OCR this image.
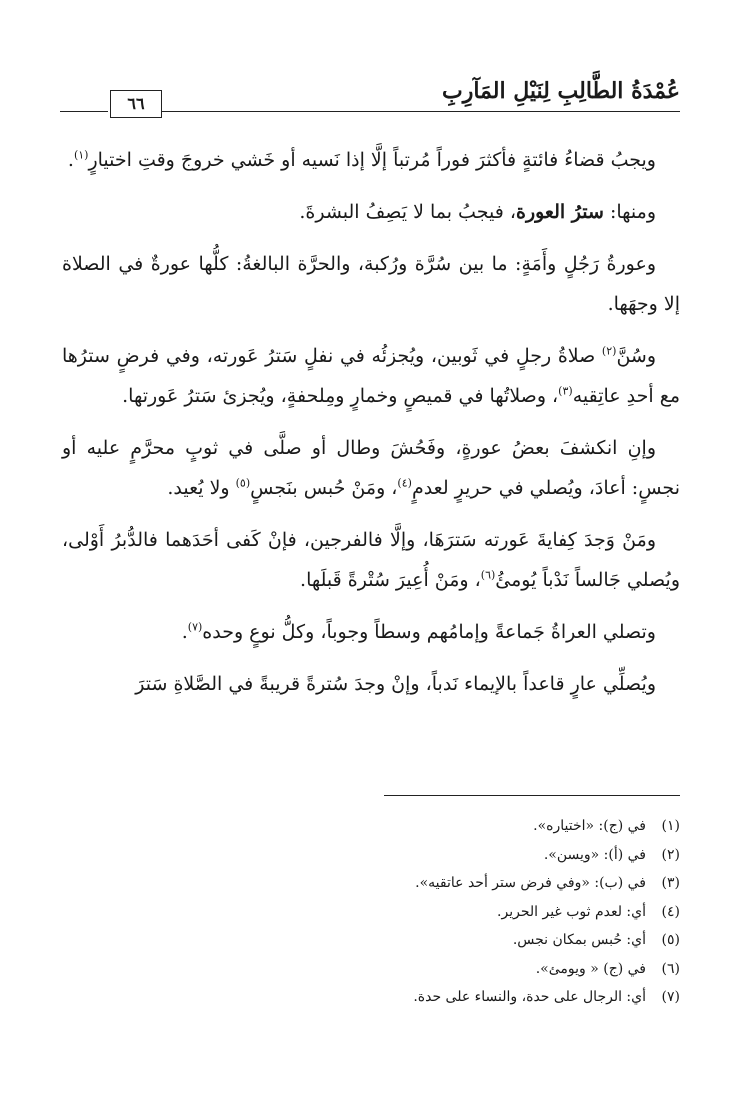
عُمْدَةُ الطَّالِبِ لِنَيْلِ المَآرِبِ
٦٦

ويجبُ قضاءُ فائتةٍ فأكثرَ فوراً مُرتباً إلَّا إذا نَسيه أو خَشي خروجَ وقتِ اختيارٍ$^{(١)}$.

ومنها: سترُ العورة، فيجبُ بما لا يَصِفُ البشرةَ.

وعورةُ رَجُلٍ وأَمَةٍ: ما بين سُرَّة ورُكبة، والحرَّة البالغةُ: كلُّها عورةٌ في الصلاة إلا وجهَها.

وسُنَّ$^{(٢)}$ صلاةُ رجلٍ في ثَوبين، ويُجزئُه في نفلٍ سَترُ عَورته، وفي فرضٍ سترُها مع أحدِ عاتِقيه$^{(٣)}$، وصلاتُها في قميصٍ وخمارٍ ومِلحفةٍ، ويُجزئ سَترُ عَورتها.

وإنِ انكشفَ بعضُ عورةٍ، وفَحُشَ وطال أو صلَّى في ثوبٍ محرَّمٍ عليه أو نجسٍ: أعادَ، ويُصلي في حريرٍ لعدمٍ$^{(٤)}$، ومَنْ حُبس بنَجسٍ$^{(٥)}$ ولا يُعيد.

ومَنْ وَجدَ كِفايةَ عَورته سَترَهَا، وإلَّا فالفرجين، فإنْ كَفى أحَدَهما فالدُّبرُ أَوْلى، ويُصلي جَالساً نَدْباً يُومئُ$^{(٦)}$، ومَنْ أُعِيرَ سُتْرةً قَبلَها.

وتصلي العراةُ جَماعةً وإمامُهم وسطاً وجوباً، وكلُّ نوعٍ وحده$^{(٧)}$.

ويُصلِّي عارٍ قاعداً بالإيماء نَدباً، وإنْ وجدَ سُترةً قريبةً في الصَّلاةِ سَترَ

(١)في (ج): «اختياره».
(٢)في (أ): «ويسن».
(٣)في (ب): «وفي فرض ستر أحد عاتقيه».
(٤)أي: لعدم ثوب غير الحرير.
(٥)أي: حُبس بمكان نجس.
(٦)في (ج) « ويومئ».
(٧)أي: الرجال على حدة، والنساء على حدة.
